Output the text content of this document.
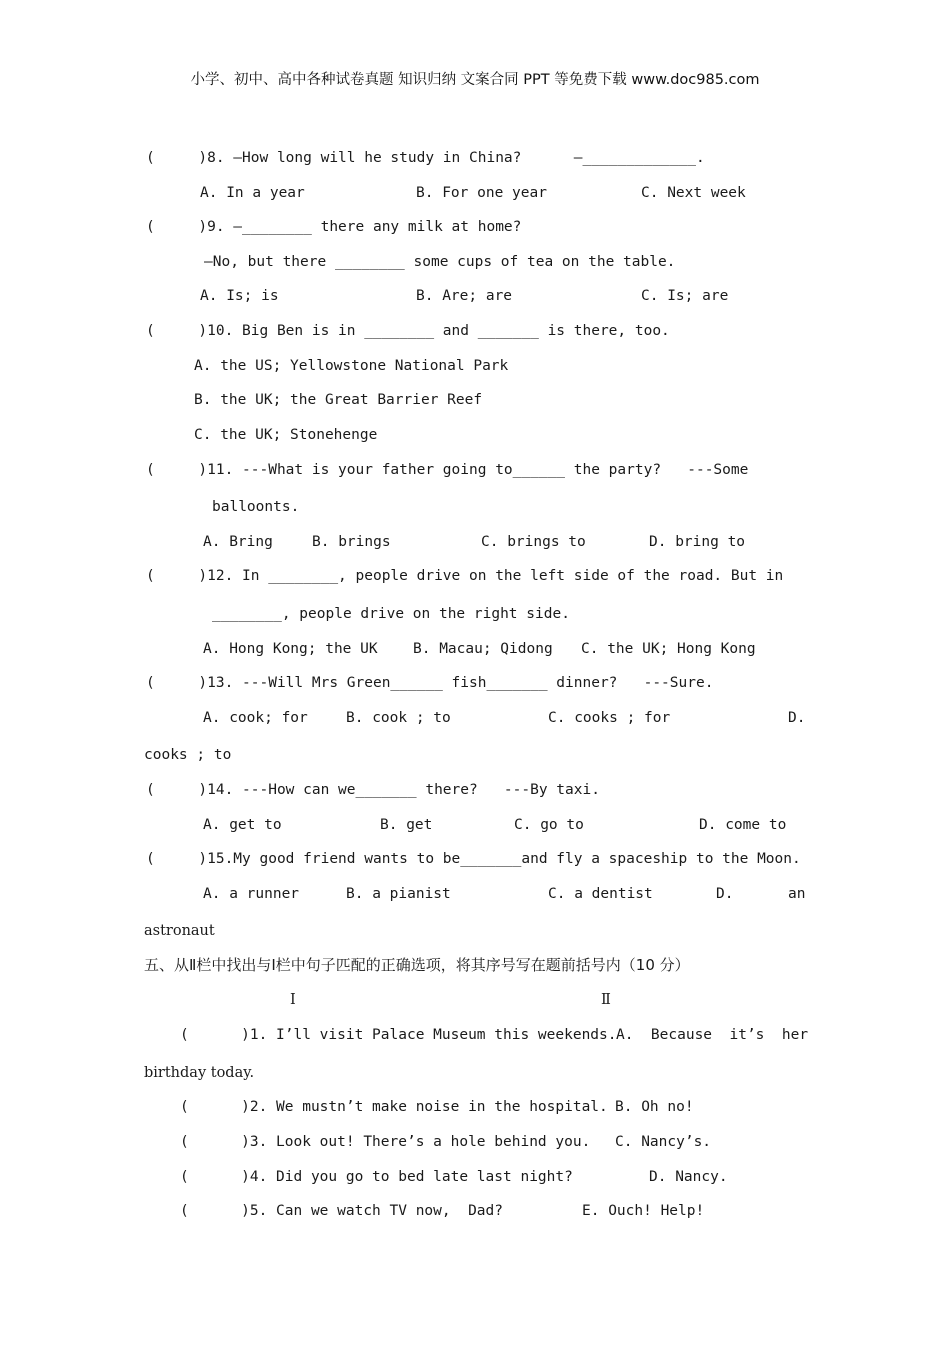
小学、初中、高中各种试卷真题 知识归纳 文案合同 PPT 等免费下载 www.doc985.com
(     )8. —How long will he study in China?      —_____________.
A. In a year	B. For one year	C. Next week
(     )9. —________ there any milk at home?
—No, but there ________ some cups of tea on the table.
A. Is; is	B. Are; are	C. Is; are
(     )10. Big Ben is in ________ and _______ is there, too.
A. the US; Yellowstone National Park
B. the UK; the Great Barrier Reef
C. the UK; Stonehenge
(     )11. ---What is your father going to______ the party?   ---Some
balloonts.
A. Bring	B. brings	C. brings to	D. bring to
(     )12. In ________, people drive on the left side of the road. But in
________, people drive on the right side.
A. Hong Kong; the UK B. Macau; Qidong C. the UK; Hong Kong
(     )13. ---Will Mrs Green______ fish_______ dinner?   ---Sure.
A. cook; for	B. cook ; to	C. cooks ; for	D.
cooks ; to
(     )14. ---How can we_______ there?   ---By taxi.
A. get to	B. get	C. go to	D. come to
(     )15.My good friend wants to be_______and fly a spaceship to the Moon.
A. a runner	B. a pianist	C. a dentist	D.	an
astronaut
五、从Ⅱ栏中找出与Ⅰ栏中句子匹配的正确选项，将其序号写在题前括号内（10 分）
Ⅰ	Ⅱ
(      )1. I’ll visit Palace Museum this weekends. A.  Because  it’s  her
birthday today.
(      )2. We mustn’t make noise in the hospital. B. Oh no!
(      )3. Look out! There’s a hole behind you. C. Nancy’s.
(      )4. Did you go to bed late last night?	D. Nancy.
(      )5. Can we watch TV now,  Dad?	E. Ouch! Help!
